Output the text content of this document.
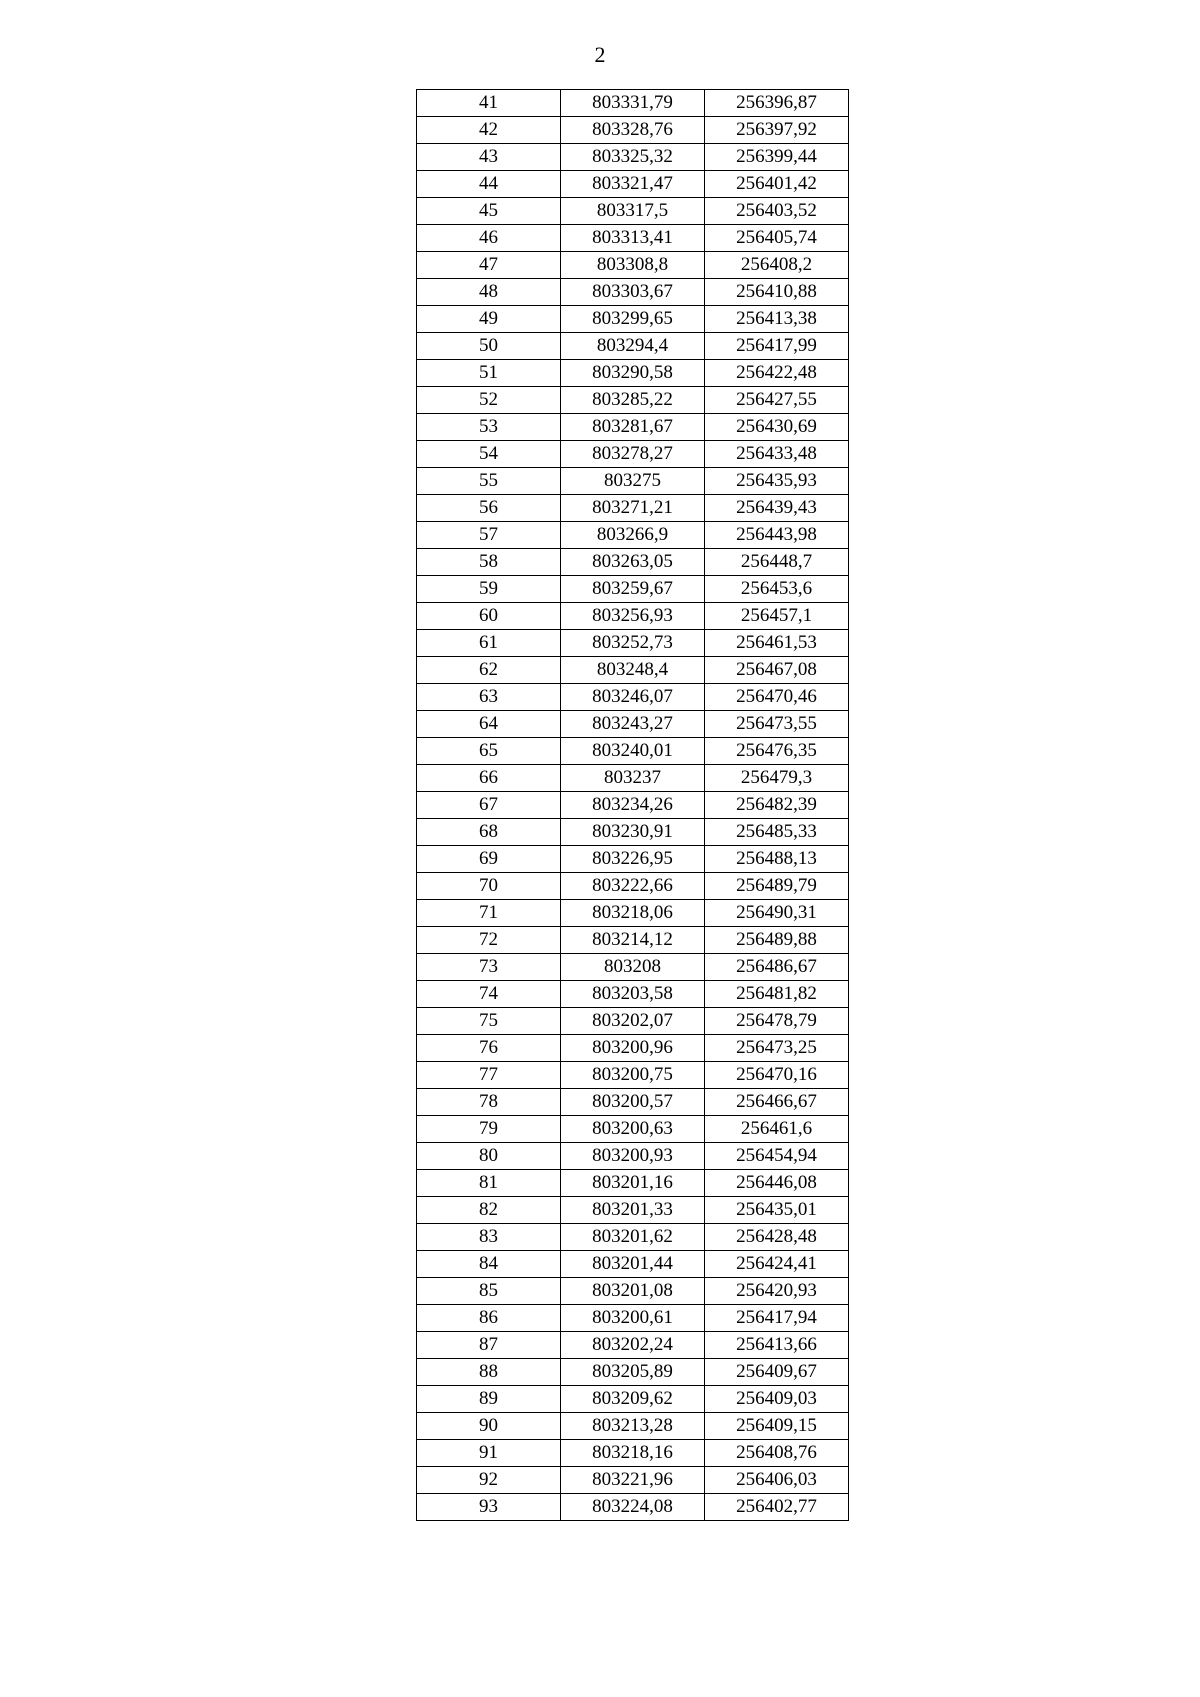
2
41	803331,79	256396,87
42	803328,76	256397,92
43	803325,32	256399,44
44	803321,47	256401,42
45	803317,5	256403,52
46	803313,41	256405,74
47	803308,8	256408,2
48	803303,67	256410,88
49	803299,65	256413,38
50	803294,4	256417,99
51	803290,58	256422,48
52	803285,22	256427,55
53	803281,67	256430,69
54	803278,27	256433,48
55	803275	256435,93
56	803271,21	256439,43
57	803266,9	256443,98
58	803263,05	256448,7
59	803259,67	256453,6
60	803256,93	256457,1
61	803252,73	256461,53
62	803248,4	256467,08
63	803246,07	256470,46
64	803243,27	256473,55
65	803240,01	256476,35
66	803237	256479,3
67	803234,26	256482,39
68	803230,91	256485,33
69	803226,95	256488,13
70	803222,66	256489,79
71	803218,06	256490,31
72	803214,12	256489,88
73	803208	256486,67
74	803203,58	256481,82
75	803202,07	256478,79
76	803200,96	256473,25
77	803200,75	256470,16
78	803200,57	256466,67
79	803200,63	256461,6
80	803200,93	256454,94
81	803201,16	256446,08
82	803201,33	256435,01
83	803201,62	256428,48
84	803201,44	256424,41
85	803201,08	256420,93
86	803200,61	256417,94
87	803202,24	256413,66
88	803205,89	256409,67
89	803209,62	256409,03
90	803213,28	256409,15
91	803218,16	256408,76
92	803221,96	256406,03
93	803224,08	256402,77
